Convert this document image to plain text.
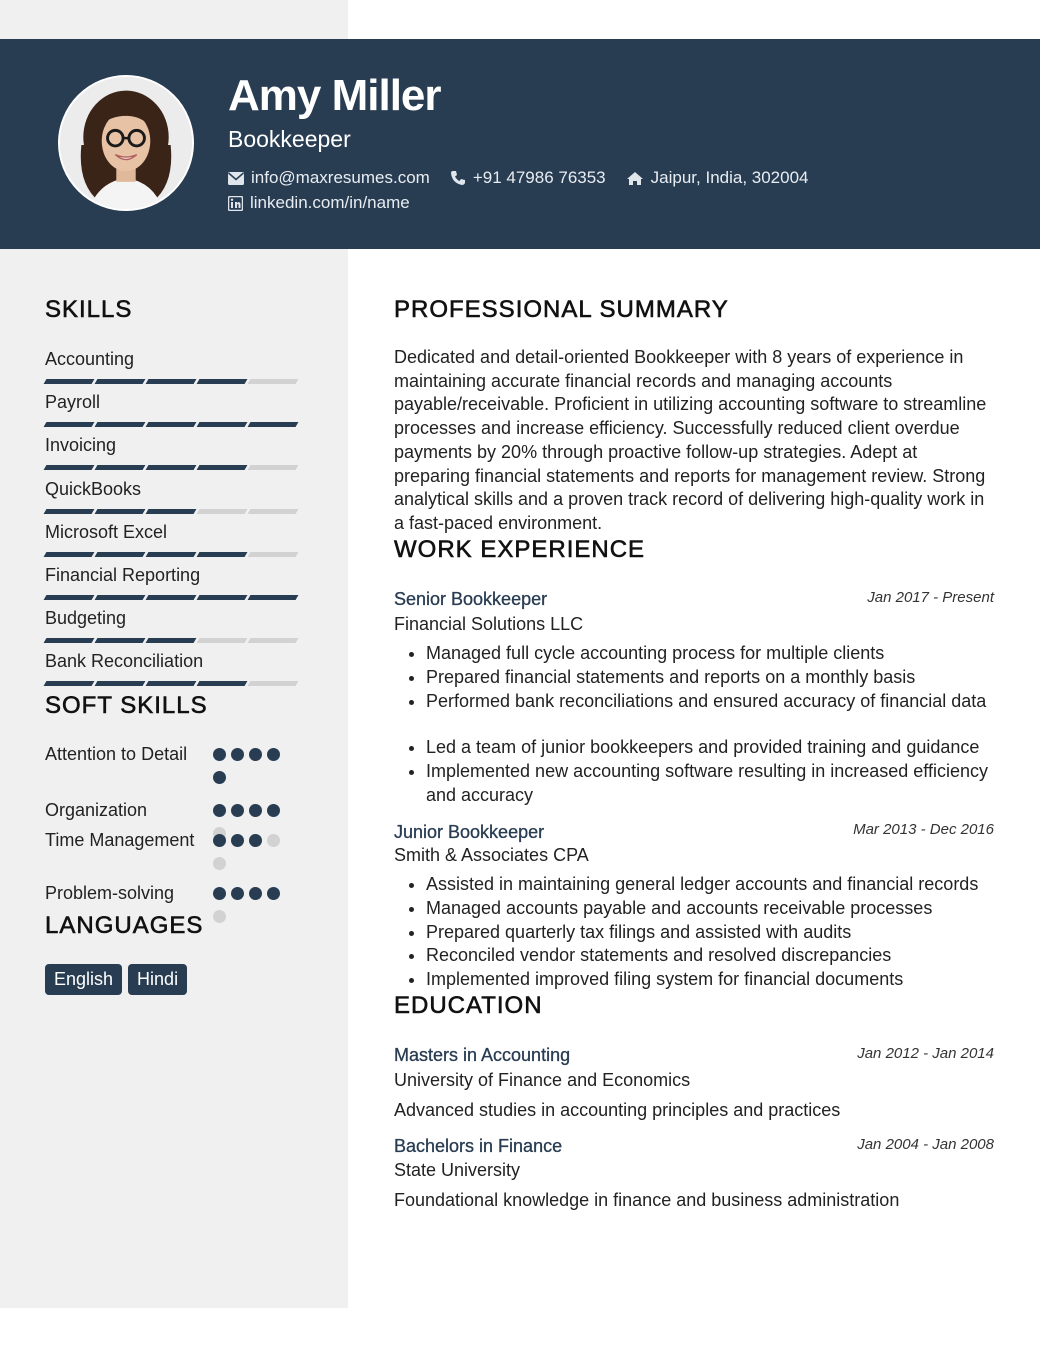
Amy Miller
Bookkeeper
info@maxresumes.com	+91 47986 76353	Jaipur, India, 302004
linkedin.com/in/name
SKILLS
Accounting
Payroll
Invoicing
QuickBooks
Microsoft Excel
Financial Reporting
Budgeting
Bank Reconciliation
SOFT SKILLS
Attention to Detail
Organization
Time Management
Problem-solving
LANGUAGES
English	Hindi
PROFESSIONAL SUMMARY

Dedicated and detail-oriented Bookkeeper with 8 years of experience in maintaining accurate financial records and managing accounts payable/receivable. Proficient in utilizing accounting software to streamline processes and increase efficiency. Successfully reduced client overdue payments by 20% through proactive follow-up strategies. Adept at preparing financial statements and reports for management review. Strong analytical skills and a proven track record of delivering high-quality work in a fast-paced environment.

WORK EXPERIENCE
Senior Bookkeeper	Jan 2017 - Present
Financial Solutions LLC
• Managed full cycle accounting process for multiple clients
• Prepared financial statements and reports on a monthly basis
• Performed bank reconciliations and ensured accuracy of financial data
• Led a team of junior bookkeepers and provided training and guidance
• Implemented new accounting software resulting in increased efficiency and accuracy
Junior Bookkeeper	Mar 2013 - Dec 2016
Smith & Associates CPA
• Assisted in maintaining general ledger accounts and financial records
• Managed accounts payable and accounts receivable processes
• Prepared quarterly tax filings and assisted with audits
• Reconciled vendor statements and resolved discrepancies
• Implemented improved filing system for financial documents
EDUCATION
Masters in Accounting	Jan 2012 - Jan 2014
University of Finance and Economics
Advanced studies in accounting principles and practices
Bachelors in Finance	Jan 2004 - Jan 2008
State University
Foundational knowledge in finance and business administration
